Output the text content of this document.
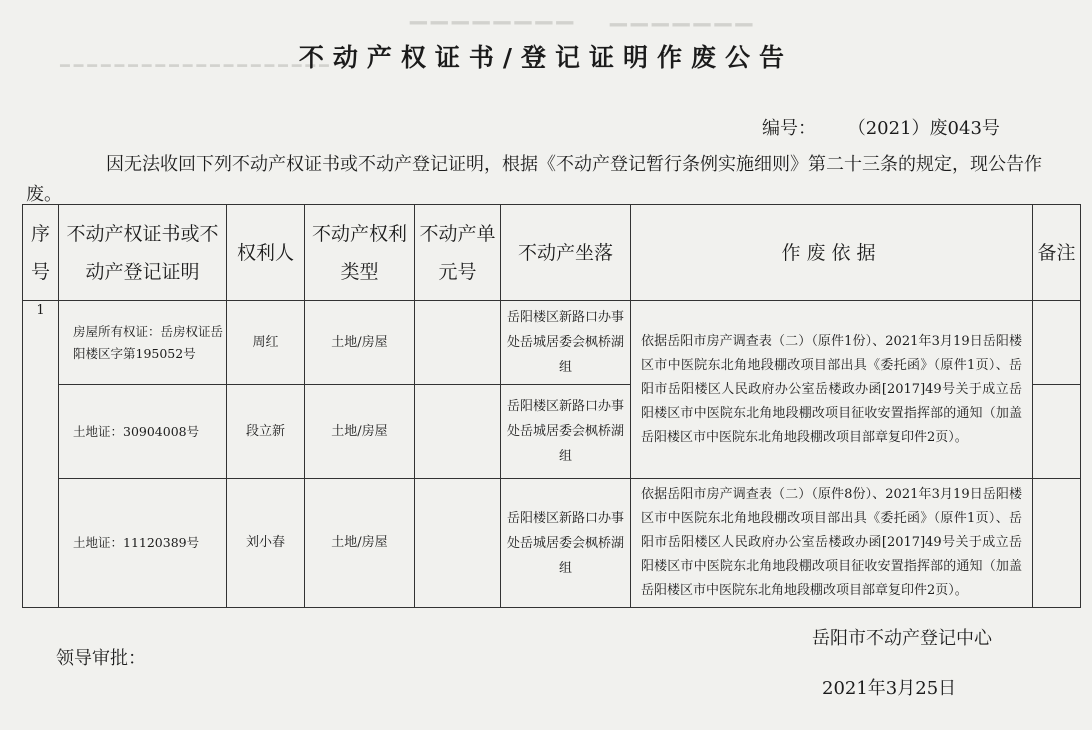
▁▁▁▁▁▁▁▁ ▁▁▁▁▁▁▁
━━━━━━━━━━━━━━━━━━━━
不动产权证书/登记证明作废公告
编号： （2021）废043号
因无法收回下列不动产权证书或不动产登记证明，根据《不动产登记暂行条例实施细则》第二十三条的规定，现公告作废。
序号	不动产权证书或不动产登记证明	权利人	不动产权利类型	不动产单元号	不动产坐落	作废依据	备注
1	房屋所有权证：岳房权证岳阳楼区字第195052号	周红	土地/房屋		岳阳楼区新路口办事处岳城居委会枫桥湖组	依据岳阳市房产调查表（二）（原件1份）、2021年3月19日岳阳楼区市中医院东北角地段棚改项目部出具《委托函》（原件1页）、岳阳市岳阳楼区人民政府办公室岳楼政办函[2017]49号关于成立岳阳楼区市中医院东北角地段棚改项目征收安置指挥部的通知（加盖岳阳楼区市中医院东北角地段棚改项目部章复印件2页）。	
	土地证：30904008号	段立新	土地/房屋		岳阳楼区新路口办事处岳城居委会枫桥湖组		
	土地证：11120389号	刘小春	土地/房屋		岳阳楼区新路口办事处岳城居委会枫桥湖组	依据岳阳市房产调查表（二）（原件8份）、2021年3月19日岳阳楼区市中医院东北角地段棚改项目部出具《委托函》（原件1页）、岳阳市岳阳楼区人民政府办公室岳楼政办函[2017]49号关于成立岳阳楼区市中医院东北角地段棚改项目征收安置指挥部的通知（加盖岳阳楼区市中医院东北角地段棚改项目部章复印件2页）。	
岳阳市不动产登记中心
领导审批：
2021年3月25日
